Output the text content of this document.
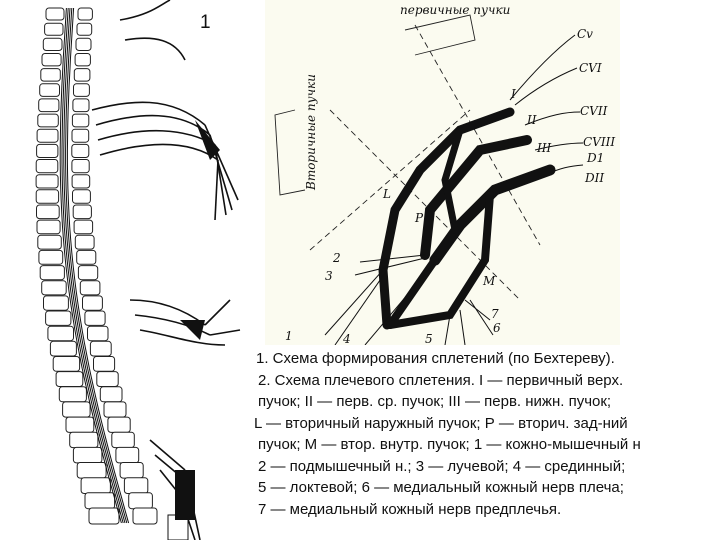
1
первичные пучки
Вторичные пучки
Cv
CVI
CVII
CVIII
D1
DII
I
II
III
L
P
M
1
2
3
4	5
6
7
1. Схема формирования сплетений (по Бехтереву).
2. Схема плечевого сплетения. I — первичный верх.
пучок; II — перв. ср. пучок; III — перв. нижн. пучок;
L — вторичный наружный пучок; Р — вторич. зад-ний
пучок; М — втор. внутр. пучок; 1 — кожно-мышечный н
2 — подмышечный н.; 3 — лучевой; 4 — срединный;
5 — локтевой; 6 — медиальный кожный нерв плеча;
7 — медиальный кожный нерв предплечья.
